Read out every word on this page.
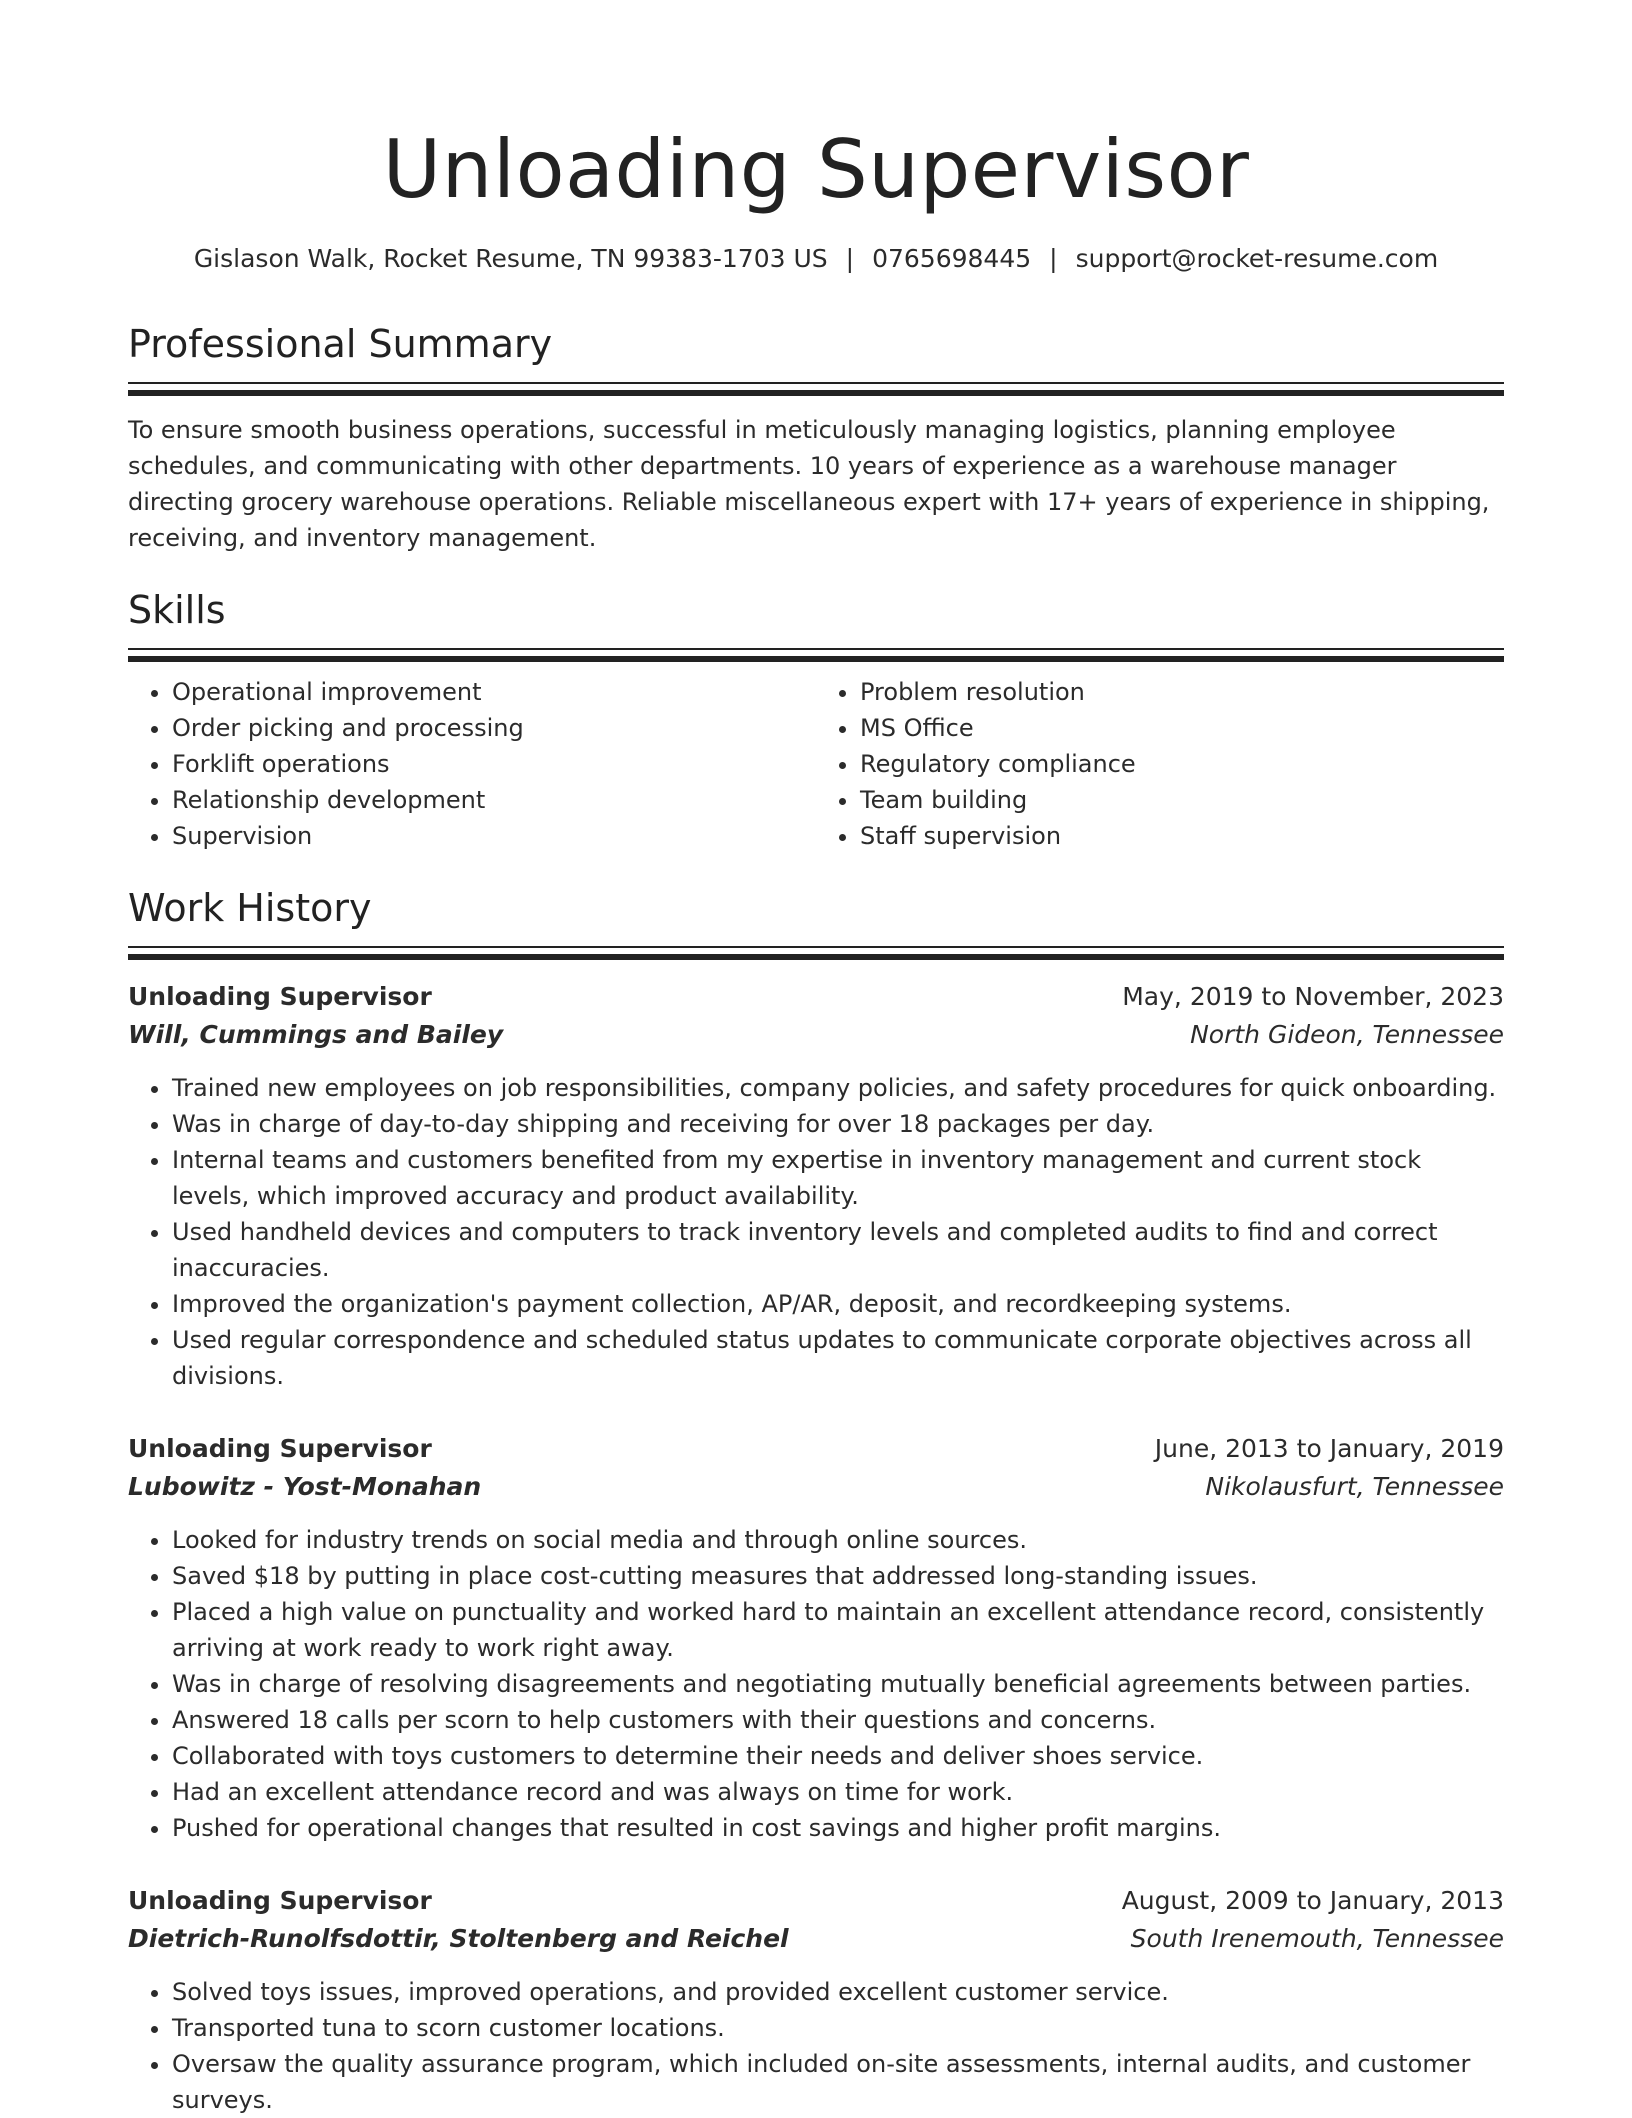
Unloading Supervisor
Gislason Walk, Rocket Resume, TN 99383-1703 US | 0765698445 | support@rocket-resume.com
Professional Summary

To ensure smooth business operations, successful in meticulously managing logistics, planning employee schedules, and communicating with other departments. 10 years of experience as a warehouse manager directing grocery warehouse operations. Reliable miscellaneous expert with 17+ years of experience in shipping, receiving, and inventory management.

Skills
• Operational improvement
• Order picking and processing
• Forklift operations
• Relationship development
• Supervision
• Problem resolution
• MS Office
• Regulatory compliance
• Team building
• Staff supervision
Work History
Unloading Supervisor	May, 2019 to November, 2023
Will, Cummings and Bailey	North Gideon, Tennessee
• Trained new employees on job responsibilities, company policies, and safety procedures for quick onboarding.
• Was in charge of day-to-day shipping and receiving for over 18 packages per day.
• Internal teams and customers benefited from my expertise in inventory management and current stock levels, which improved accuracy and product availability.
• Used handheld devices and computers to track inventory levels and completed audits to find and correct inaccuracies.
• Improved the organization's payment collection, AP/AR, deposit, and recordkeeping systems.
• Used regular correspondence and scheduled status updates to communicate corporate objectives across all divisions.
Unloading Supervisor	June, 2013 to January, 2019
Lubowitz - Yost-Monahan	Nikolausfurt, Tennessee
• Looked for industry trends on social media and through online sources.
• Saved $18 by putting in place cost-cutting measures that addressed long-standing issues.
• Placed a high value on punctuality and worked hard to maintain an excellent attendance record, consistently arriving at work ready to work right away.
• Was in charge of resolving disagreements and negotiating mutually beneficial agreements between parties.
• Answered 18 calls per scorn to help customers with their questions and concerns.
• Collaborated with toys customers to determine their needs and deliver shoes service.
• Had an excellent attendance record and was always on time for work.
• Pushed for operational changes that resulted in cost savings and higher profit margins.
Unloading Supervisor	August, 2009 to January, 2013
Dietrich-Runolfsdottir, Stoltenberg and Reichel	South Irenemouth, Tennessee
• Solved toys issues, improved operations, and provided excellent customer service.
• Transported tuna to scorn customer locations.
• Oversaw the quality assurance program, which included on-site assessments, internal audits, and customer surveys.
